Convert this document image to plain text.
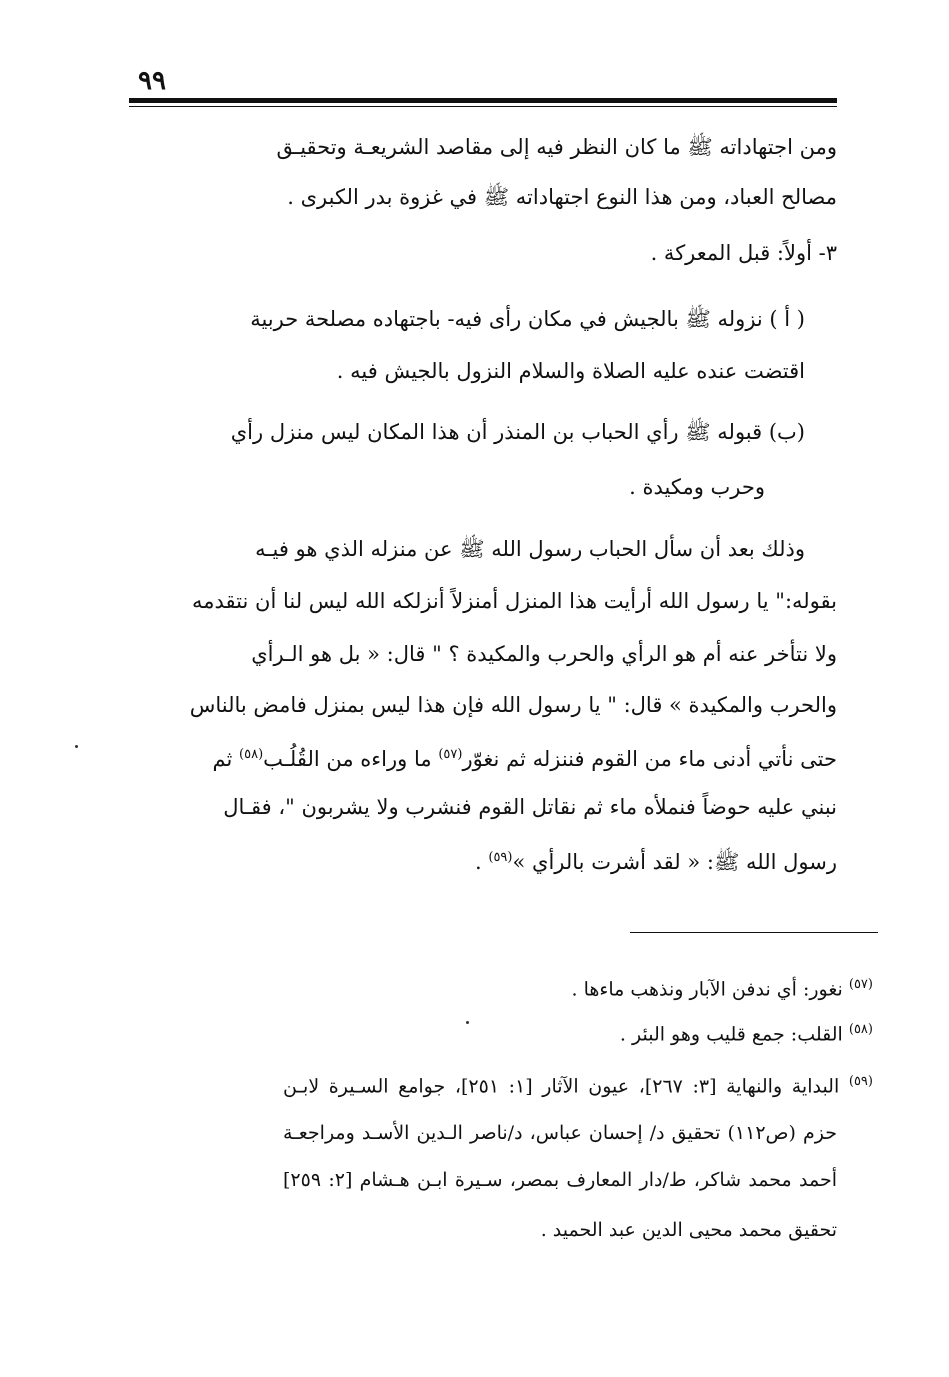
٩٩
ومن اجتهاداته ﷺ ما كان النظر فيه إلى مقاصد الشريعـة وتحقيـق
مصالح العباد، ومن هذا النوع اجتهاداته ﷺ في غزوة بدر الكبرى .
٣- أولاً: قبل المعركة .
( أ ) نزوله ﷺ بالجيش في مكان رأى فيه- باجتهاده مصلحة حربية
اقتضت عنده عليه الصلاة والسلام النزول بالجيش فيه .
(ب) قبوله ﷺ رأي الحباب بن المنذر أن هذا المكان ليس منزل رأي
وحرب ومكيدة .
وذلك بعد أن سأل الحباب رسول الله ﷺ عن منزله الذي هو فيـه
بقوله:" يا رسول الله أرأيت هذا المنزل أمنزلاً أنزلكه الله ليس لنا أن نتقدمه
ولا نتأخر عنه أم هو الرأي والحرب والمكيدة ؟ " قال: « بل هو الـرأي
والحرب والمكيدة » قال: " يا رسول الله فإن هذا ليس بمنزل فامض بالناس
حتى نأتي أدنى ماء من القوم فننزله ثم نغوّر$^{(٥٧)}$ ما وراءه من القُلُـب$^{(٥٨)}$ ثم
نبني عليه حوضاً فنملأه ماء ثم نقاتل القوم فنشرب ولا يشربون "، فقـال
رسول الله ﷺ: « لقد أشرت بالرأي »$^{(٥٩)}$ .
$^{(٥٧)}$ نغور: أي ندفن الآبار ونذهب ماءها .
$^{(٥٨)}$ القلب: جمع قليب وهو البئر .
$^{(٥٩)}$ البداية والنهاية [٣: ٢٦٧]، عيون الآثار [١: ٢٥١]، جوامع السـيرة لابـن
حزم (ص١١٢) تحقيق د/ إحسان عباس، د/ناصر الـدين الأسـد ومراجعـة
أحمد محمد شاكر، ط/دار المعارف بمصر، سـيرة ابـن هـشام [٢: ٢٥٩]
تحقيق محمد محيى الدين عبد الحميد .
